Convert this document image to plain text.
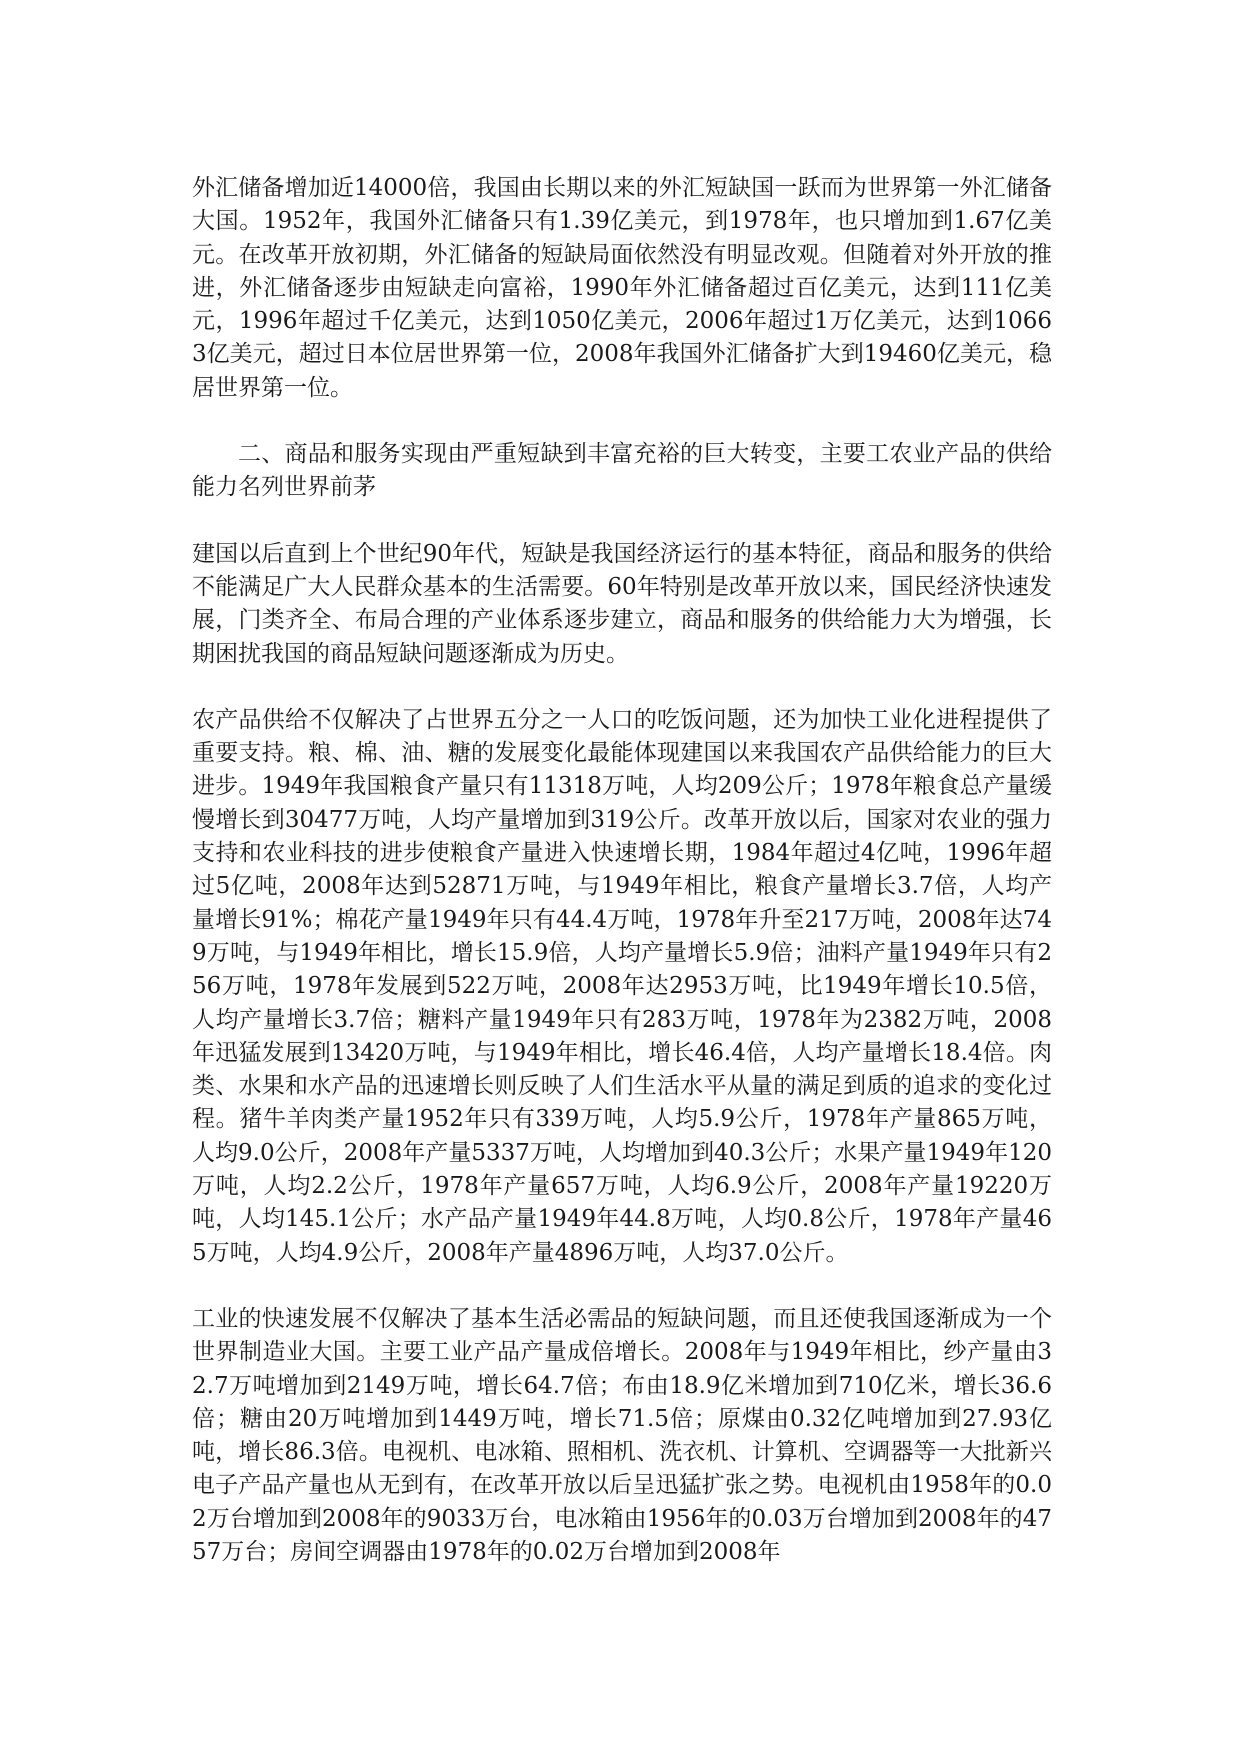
外汇储备增加近14000倍，我国由长期以来的外汇短缺国一跃而为世界第一外汇储备大国。1952年，我国外汇储备只有1.39亿美元，到1978年，也只增加到1.67亿美元。在改革开放初期，外汇储备的短缺局面依然没有明显改观。但随着对外开放的推进，外汇储备逐步由短缺走向富裕，1990年外汇储备超过百亿美元，达到111亿美元，1996年超过千亿美元，达到1050亿美元，2006年超过1万亿美元，达到10663亿美元，超过日本位居世界第一位，2008年我国外汇储备扩大到19460亿美元，稳居世界第一位。

二、商品和服务实现由严重短缺到丰富充裕的巨大转变，主要工农业产品的供给能力名列世界前茅

建国以后直到上个世纪90年代，短缺是我国经济运行的基本特征，商品和服务的供给不能满足广大人民群众基本的生活需要。60年特别是改革开放以来，国民经济快速发展，门类齐全、布局合理的产业体系逐步建立，商品和服务的供给能力大为增强，长期困扰我国的商品短缺问题逐渐成为历史。

农产品供给不仅解决了占世界五分之一人口的吃饭问题，还为加快工业化进程提供了重要支持。粮、棉、油、糖的发展变化最能体现建国以来我国农产品供给能力的巨大进步。1949年我国粮食产量只有11318万吨，人均209公斤；1978年粮食总产量缓慢增长到30477万吨，人均产量增加到319公斤。改革开放以后，国家对农业的强力支持和农业科技的进步使粮食产量进入快速增长期，1984年超过4亿吨，1996年超过5亿吨，2008年达到52871万吨，与1949年相比，粮食产量增长3.7倍，人均产量增长91%；棉花产量1949年只有44.4万吨，1978年升至217万吨，2008年达749万吨，与1949年相比，增长15.9倍，人均产量增长5.9倍；油料产量1949年只有256万吨，1978年发展到522万吨，2008年达2953万吨，比1949年增长10.5倍，人均产量增长3.7倍；糖料产量1949年只有283万吨，1978年为2382万吨，2008年迅猛发展到13420万吨，与1949年相比，增长46.4倍，人均产量增长18.4倍。肉类、水果和水产品的迅速增长则反映了人们生活水平从量的满足到质的追求的变化过程。猪牛羊肉类产量1952年只有339万吨，人均5.9公斤，1978年产量865万吨，人均9.0公斤，2008年产量5337万吨，人均增加到40.3公斤；水果产量1949年120万吨，人均2.2公斤，1978年产量657万吨，人均6.9公斤，2008年产量19220万吨，人均145.1公斤；水产品产量1949年44.8万吨，人均0.8公斤，1978年产量465万吨，人均4.9公斤，2008年产量4896万吨，人均37.0公斤。

工业的快速发展不仅解决了基本生活必需品的短缺问题，而且还使我国逐渐成为一个世界制造业大国。主要工业产品产量成倍增长。2008年与1949年相比，纱产量由32.7万吨增加到2149万吨，增长64.7倍；布由18.9亿米增加到710亿米，增长36.6倍；糖由20万吨增加到1449万吨，增长71.5倍；原煤由0.32亿吨增加到27.93亿吨，增长86.3倍。电视机、电冰箱、照相机、洗衣机、计算机、空调器等一大批新兴电子产品产量也从无到有，在改革开放以后呈迅猛扩张之势。电视机由1958年的0.02万台增加到2008年的9033万台，电冰箱由1956年的0.03万台增加到2008年的4757万台；房间空调器由1978年的0.02万台增加到2008年
